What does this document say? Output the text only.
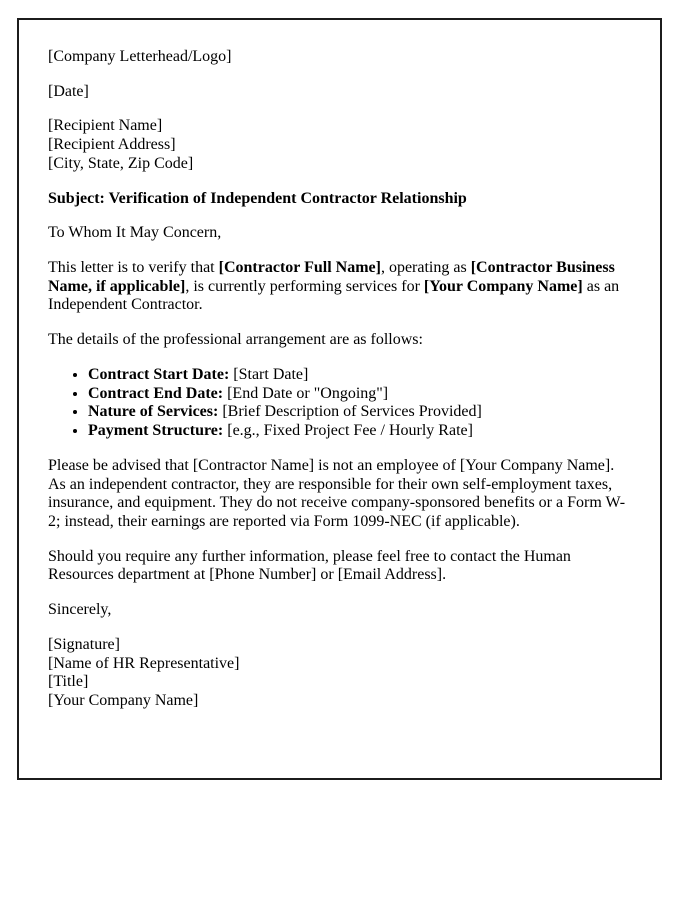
[Company Letterhead/Logo]

[Date]

[Recipient Name]
[Recipient Address]
[City, State, Zip Code]

Subject: Verification of Independent Contractor Relationship

To Whom It May Concern,

This letter is to verify that [Contractor Full Name], operating as [Contractor Business Name, if applicable], is currently performing services for [Your Company Name] as an Independent Contractor.

The details of the professional arrangement are as follows:

• Contract Start Date: [Start Date]
• Contract End Date: [End Date or "Ongoing"]
• Nature of Services: [Brief Description of Services Provided]
• Payment Structure: [e.g., Fixed Project Fee / Hourly Rate]

Please be advised that [Contractor Name] is not an employee of [Your Company Name]. As an independent contractor, they are responsible for their own self-employment taxes, insurance, and equipment. They do not receive company-sponsored benefits or a Form W-2; instead, their earnings are reported via Form 1099-NEC (if applicable).

Should you require any further information, please feel free to contact the Human Resources department at [Phone Number] or [Email Address].

Sincerely,

[Signature]
[Name of HR Representative]
[Title]
[Your Company Name]
